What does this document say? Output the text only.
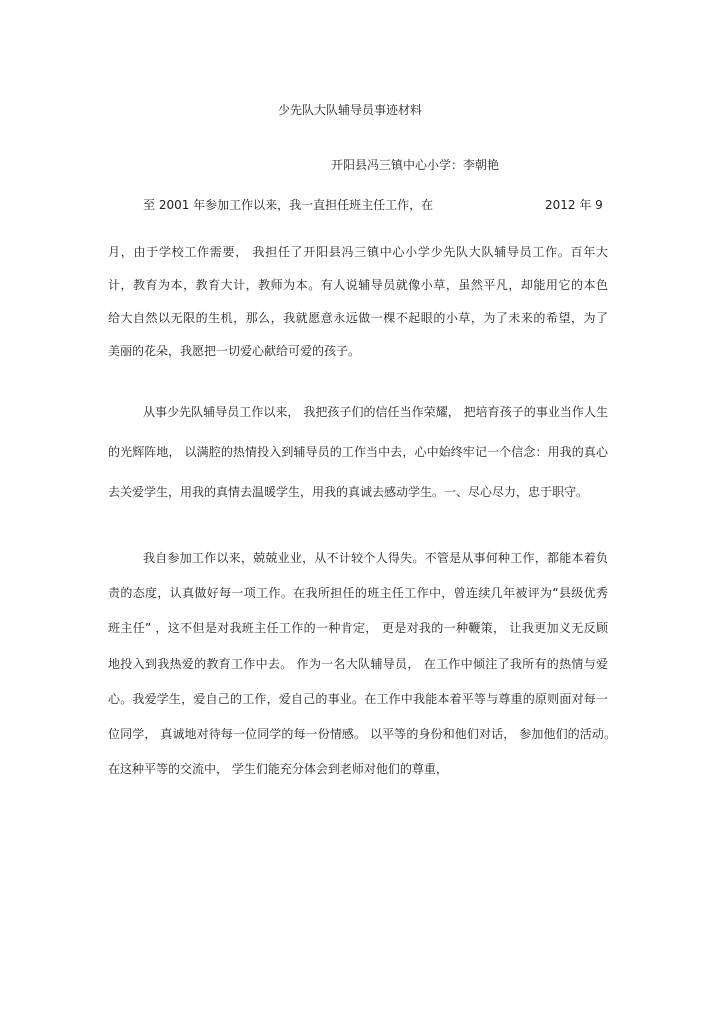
少先队大队辅导员事迹材料
开阳县冯三镇中心小学：李朝艳
至 2001 年参加工作以来，我一直担任班主任工作，在	2012 年 9
月，由于学校工作需要， 我担任了开阳县冯三镇中心小学少先队大队辅导员工作。百年大
计，教育为本，教育大计，教师为本。有人说辅导员就像小草，虽然平凡，却能用它的本色
给大自然以无限的生机，那么，我就愿意永远做一棵不起眼的小草，为了未来的希望，为了
美丽的花朵，我愿把一切爱心献给可爱的孩子。
从事少先队辅导员工作以来， 我把孩子们的信任当作荣耀， 把培育孩子的事业当作人生
的光辉阵地， 以满腔的热情投入到辅导员的工作当中去，心中始终牢记一个信念：用我的真心
去关爱学生，用我的真情去温暖学生，用我的真诚去感动学生。一、尽心尽力，忠于职守。
我自参加工作以来，兢兢业业，从不计较个人得失。不管是从事何种工作，都能本着负
责的态度，认真做好每一项工作。在我所担任的班主任工作中，曾连续几年被评为“县级优秀
班主任” ，这不但是对我班主任工作的一种肯定， 更是对我的一种鞭策， 让我更加义无反顾
地投入到我热爱的教育工作中去。 作为一名大队辅导员， 在工作中倾注了我所有的热情与爱
心。我爱学生，爱自己的工作，爱自己的事业。在工作中我能本着平等与尊重的原则面对每一
位同学， 真诚地对待每一位同学的每一份情感。 以平等的身份和他们对话， 参加他们的活动。
在这种平等的交流中， 学生们能充分体会到老师对他们的尊重，
